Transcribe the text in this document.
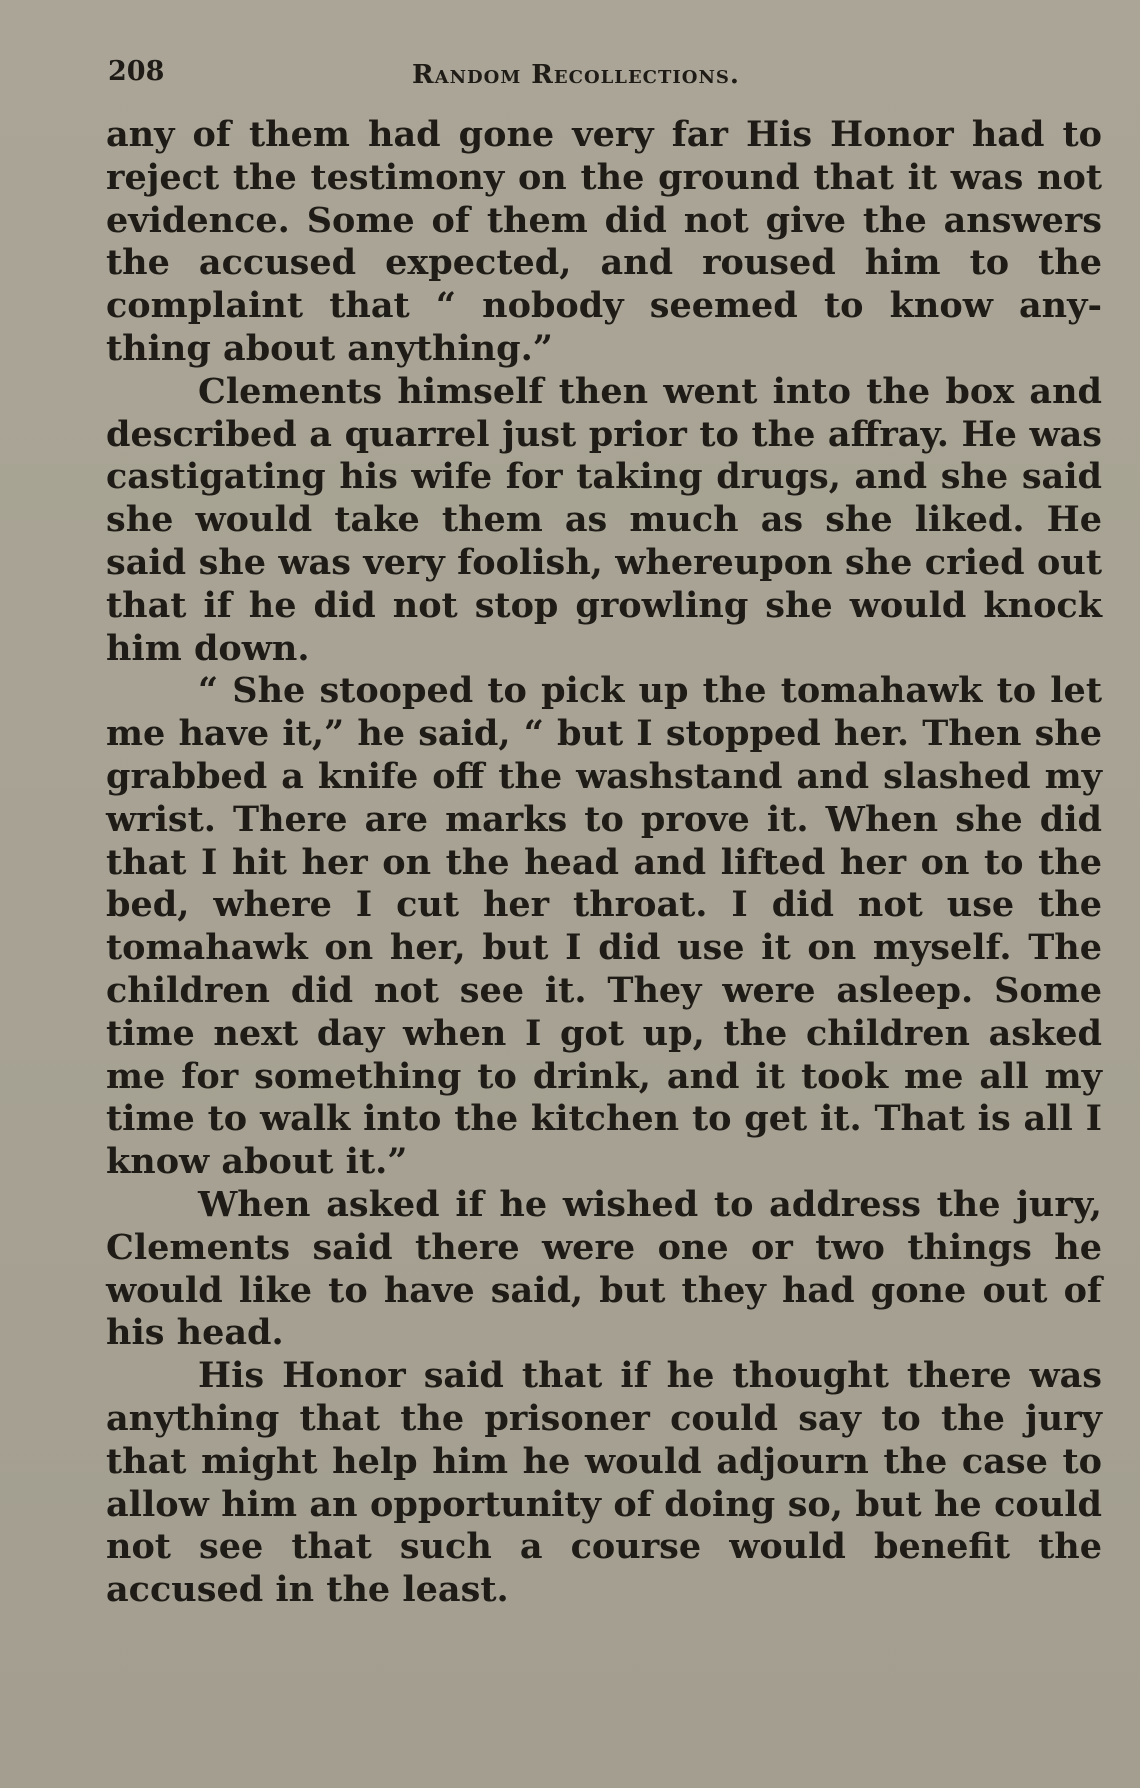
208	Random Recollections.

any of them had gone very far His Honor had to reject the testimony on the ground that it was not evidence. Some of them did not give the answers the accused expected, and roused him to the complaint that “ nobody seemed to know any-thing about anything.”

Clements himself then went into the box and described a quarrel just prior to the affray. He was castigating his wife for taking drugs, and she said she would take them as much as she liked. He said she was very foolish, whereupon she cried out that if he did not stop growling she would knock him down.

“ She stooped to pick up the tomahawk to let me have it,” he said, “ but I stopped her. Then she grabbed a knife off the washstand and slashed my wrist. There are marks to prove it. When she did that I hit her on the head and lifted her on to the bed, where I cut her throat. I did not use the tomahawk on her, but I did use it on myself. The children did not see it. They were asleep. Some time next day when I got up, the children asked me for something to drink, and it took me all my time to walk into the kitchen to get it. That is all I know about it.”

When asked if he wished to address the jury, Clements said there were one or two things he would like to have said, but they had gone out of his head.

His Honor said that if he thought there was anything that the prisoner could say to the jury that might help him he would adjourn the case to allow him an opportunity of doing so, but he could not see that such a course would benefit the accused in the least.
